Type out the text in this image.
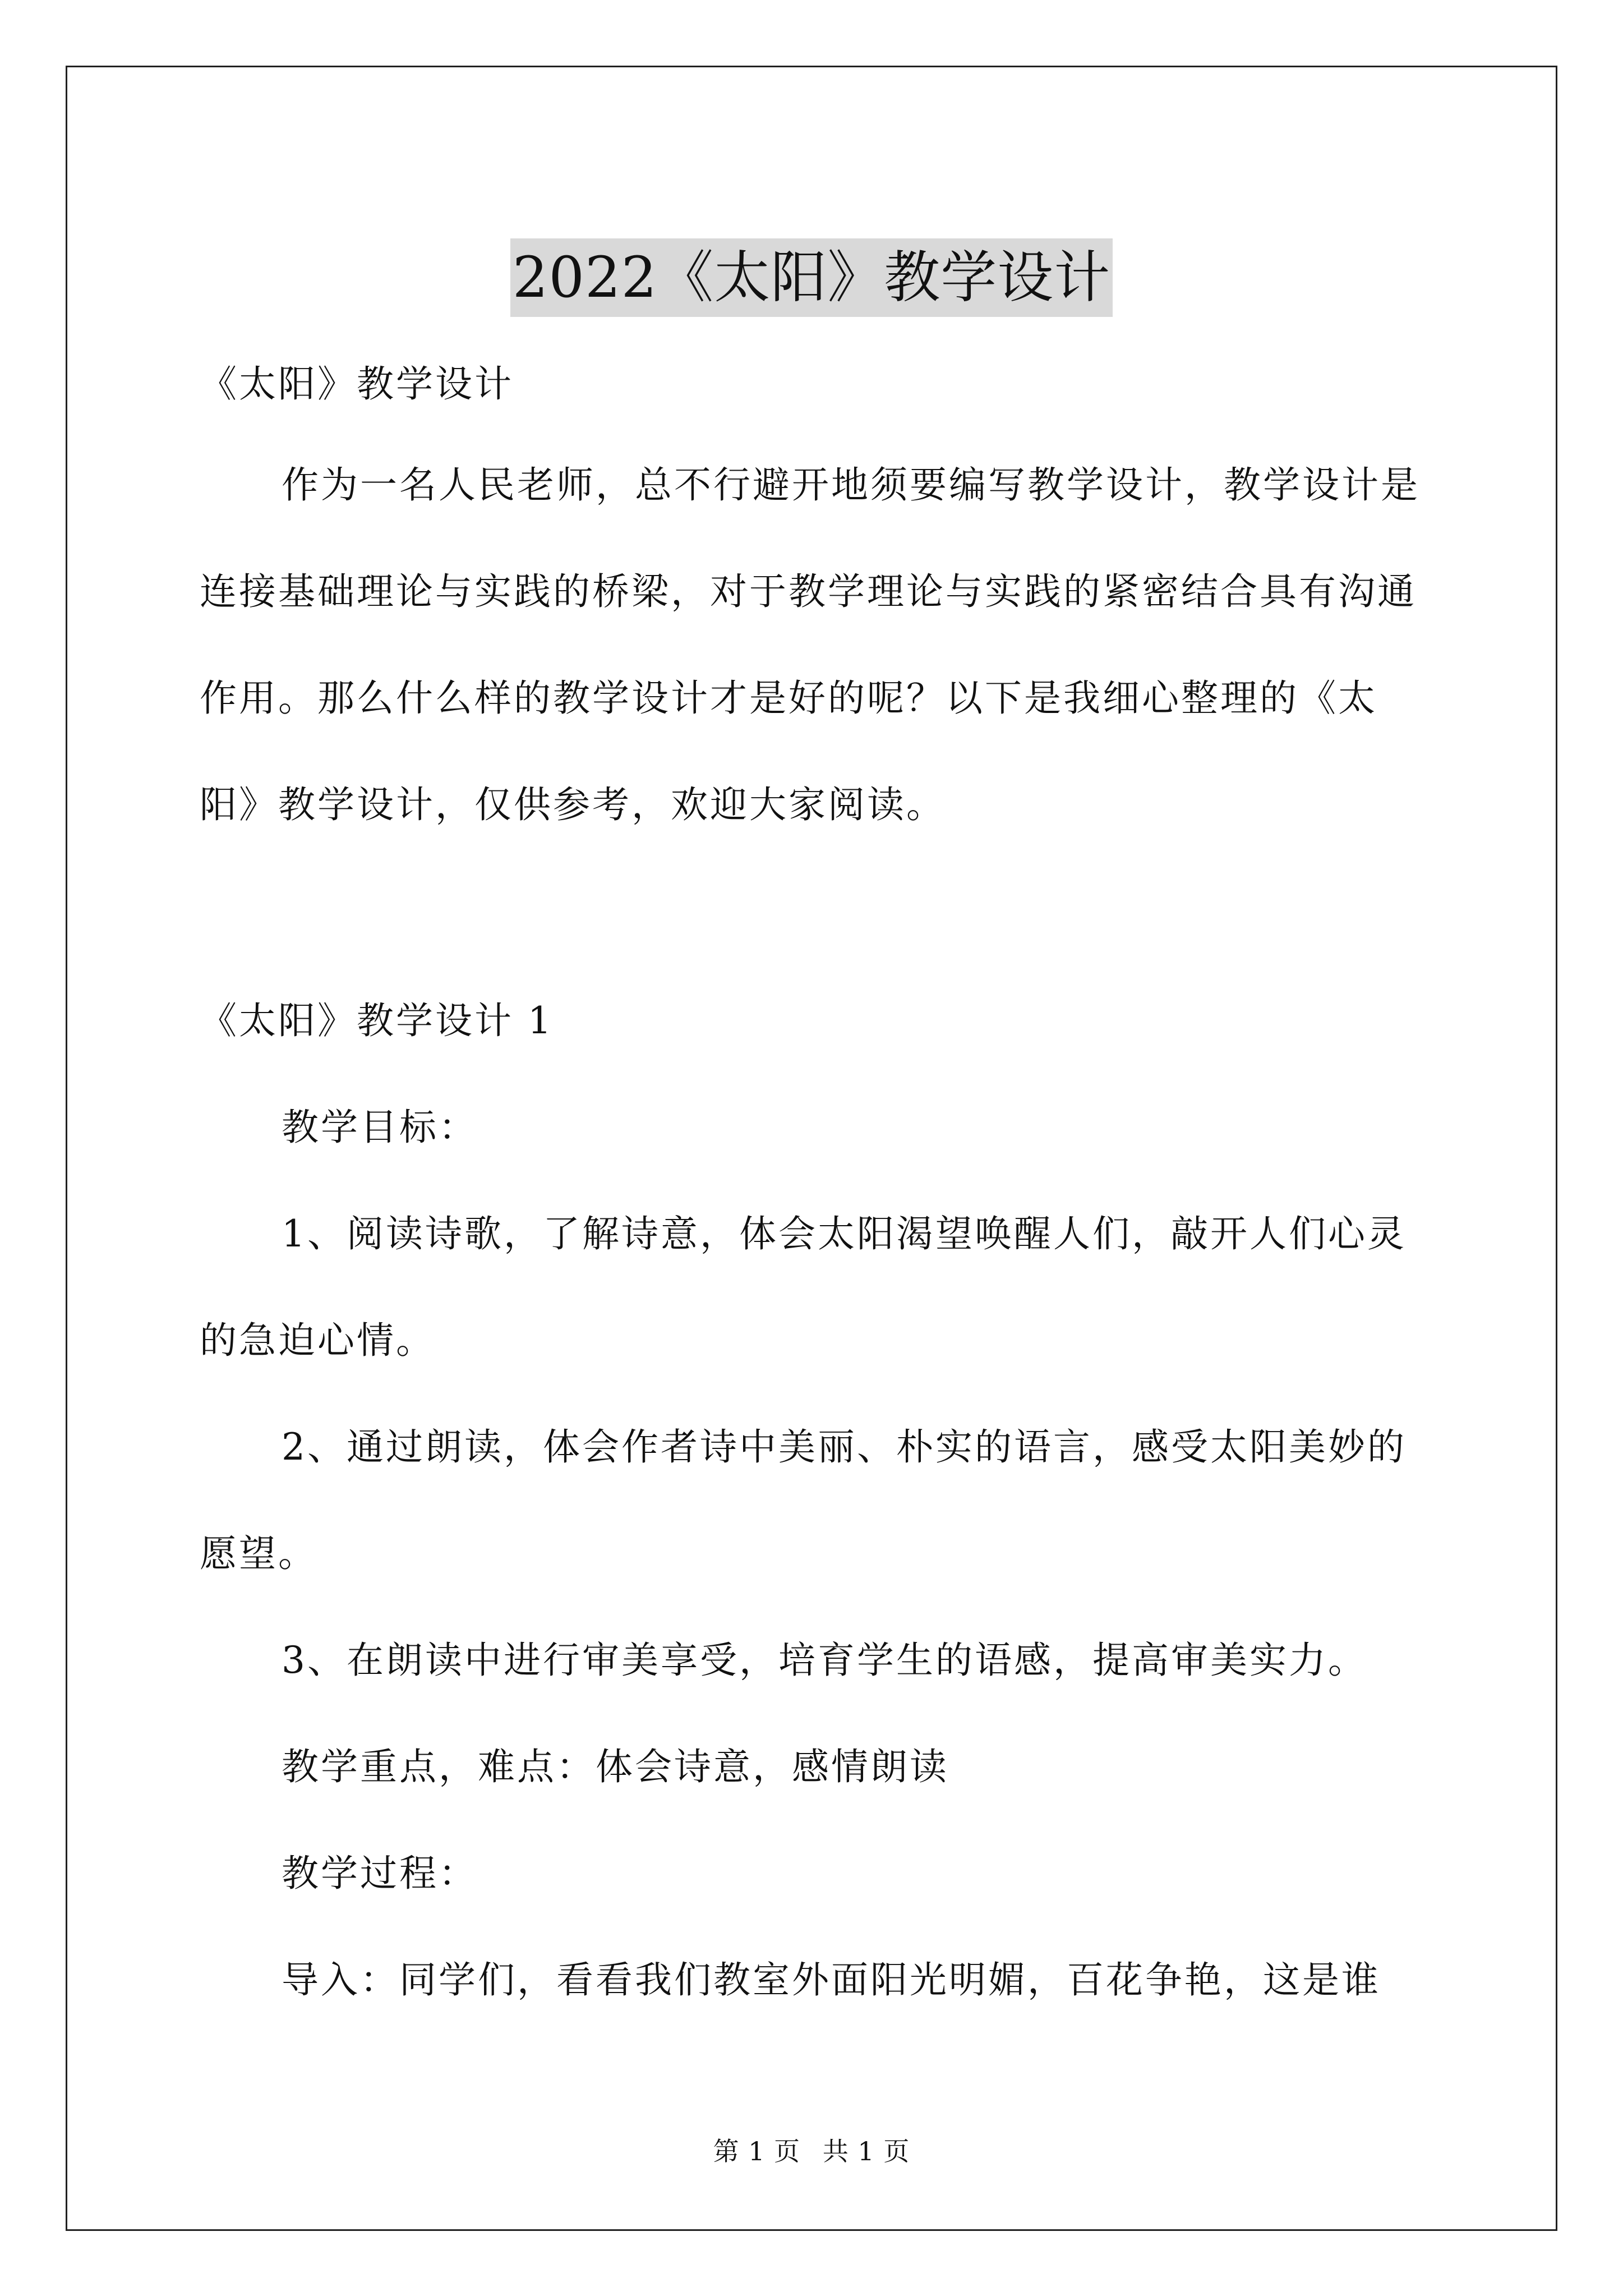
2022《太阳》教学设计

《太阳》教学设计

作为一名人民老师，总不行避开地须要编写教学设计，教学设计是连接基础理论与实践的桥梁，对于教学理论与实践的紧密结合具有沟通作用。那么什么样的教学设计才是好的呢？以下是我细心整理的《太阳》教学设计，仅供参考，欢迎大家阅读。

《太阳》教学设计 1

教学目标：

1、阅读诗歌，了解诗意，体会太阳渴望唤醒人们，敲开人们心灵的急迫心情。

2、通过朗读，体会作者诗中美丽、朴实的语言，感受太阳美妙的愿望。

3、在朗读中进行审美享受，培育学生的语感，提高审美实力。

教学重点，难点：体会诗意，感情朗读

教学过程：

导入：同学们，看看我们教室外面阳光明媚，百花争艳，这是谁

第 1 页 共 1 页
